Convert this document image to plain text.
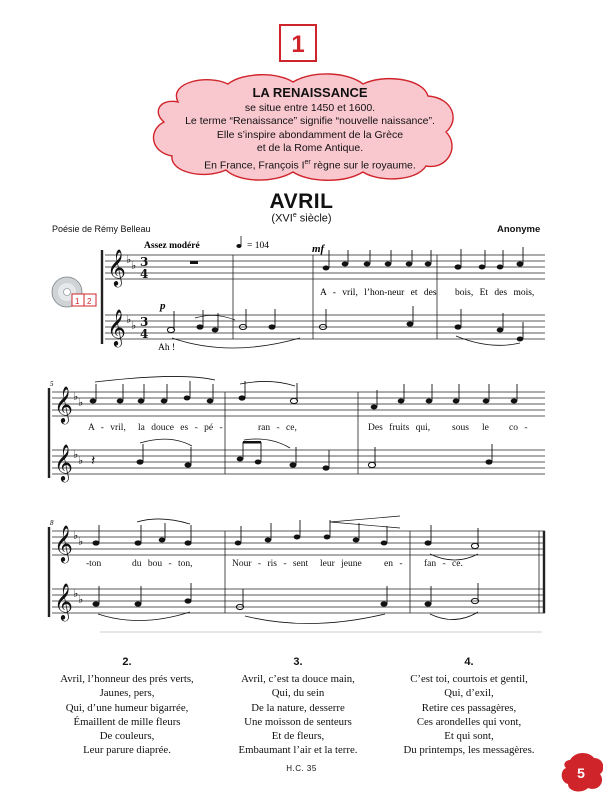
1
LA RENAISSANCE
se situe entre 1450 et 1600.
Le terme “Renaissance” signifie “nouvelle naissance”.
Elle s’inspire abondamment de la Grèce
et de la Rome Antique.
En France, François Ier règne sur le royaume.
AVRIL
(XVIe siècle)
Poésie de Rémy Belleau	Anonyme
𝄞
𝄞
♭ ♭
♭ ♭
3
4
3
4
Assez modéré	= 104	mf
p
A - vril, l’hon-neur et des bois, Et des mois,
Ah !
1 2
5
𝄞
𝄞
♭ ♭
♭ ♭ 𝄽
A - vril, la douce es - pé -	ran - ce,	Des fruits qui, sous le co -
8
𝄞
𝄞
♭ ♭
♭ ♭
-ton	du bou - ton,	Nour - ris - sent leur jeune en - fan - ce.
2.
Avril, l’honneur des prés verts,
Jaunes, pers,
Qui, d’une humeur bigarrée,
Émaillent de mille fleurs
De couleurs,
Leur parure diaprée.
3.
Avril, c’est ta douce main,
Qui, du sein
De la nature, desserre
Une moisson de senteurs
Et de fleurs,
Embaumant l’air et la terre.
4.
C’est toi, courtois et gentil,
Qui, d’exil,
Retire ces passagères,
Ces arondelles qui vont,
Et qui sont,
Du printemps, les messagères.
H.C. 35	5
